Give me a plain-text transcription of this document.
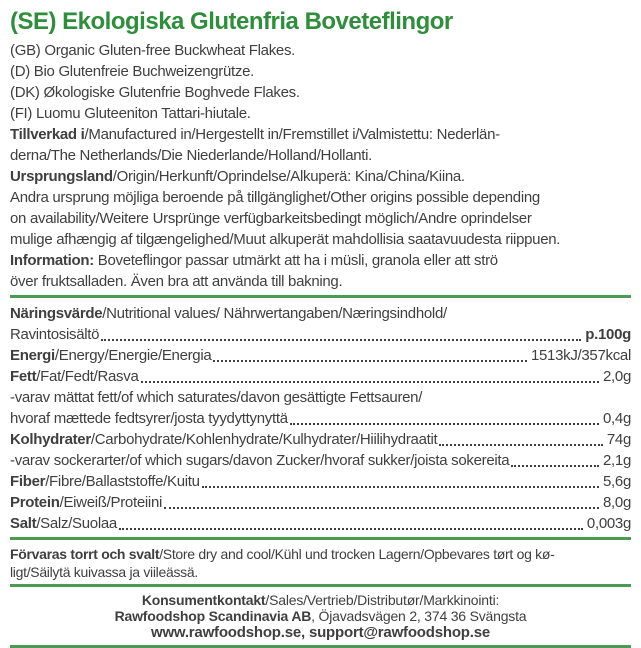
(SE) Ekologiska Glutenfria Boveteflingor
(GB) Organic Gluten-free Buckwheat Flakes.
(D) Bio Glutenfreie Buchweizengrütze.
(DK) Økologiske Glutenfrie Boghvede Flakes.
(FI) Luomu Gluteeniton Tattari-hiutale.
Tillverkad i/Manufactured in/Hergestellt in/Fremstillet i/Valmistettu: Nederlän-
derna/The Netherlands/Die Niederlande/Holland/Hollanti.
Ursprungsland/Origin/Herkunft/Oprindelse/Alkuperä: Kina/China/Kiina.
Andra ursprung möjliga beroende på tillgänglighet/Other origins possible depending
on availability/Weitere Ursprünge verfügbarkeitsbedingt möglich/Andre oprindelser
mulige afhængig af tilgængelighed/Muut alkuperät mahdollisia saatavuudesta riippuen.
Information: Boveteflingor passar utmärkt att ha i müsli, granola eller att strö
över fruktsalladen. Även bra att använda till bakning.
Näringsvärde/Nutritional values/ Nährwertangaben/Næringsindhold/
Ravintosisältö	p.100g
Energi/Energy/Energie/Energia	1513kJ/357kcal
Fett/Fat/Fedt/Rasva	2,0g
-varav mättat fett/of which saturates/davon gesättigte Fettsauren/
hvoraf mættede fedtsyrer/josta tyydyttynyttä	0,4g
Kolhydrater/Carbohydrate/Kohlenhydrate/Kulhydrater/Hiilihydraatit	74g
-varav sockerarter/of which sugars/davon Zucker/hvoraf sukker/joista sokereita	2,1g
Fiber/Fibre/Ballaststoffe/Kuitu	5,6g
Protein/Eiweiß/Proteiini	8,0g
Salt/Salz/Suolaa	0,003g
Förvaras torrt och svalt/Store dry and cool/Kühl und trocken Lagern/Opbevares tørt og kø-
ligt/Säilytä kuivassa ja viileässä.
Konsumentkontakt/Sales/Vertrieb/Distributør/Markkinointi:
Rawfoodshop Scandinavia AB, Öjavadsvägen 2, 374 36 Svängsta
www.rawfoodshop.se, support@rawfoodshop.se
